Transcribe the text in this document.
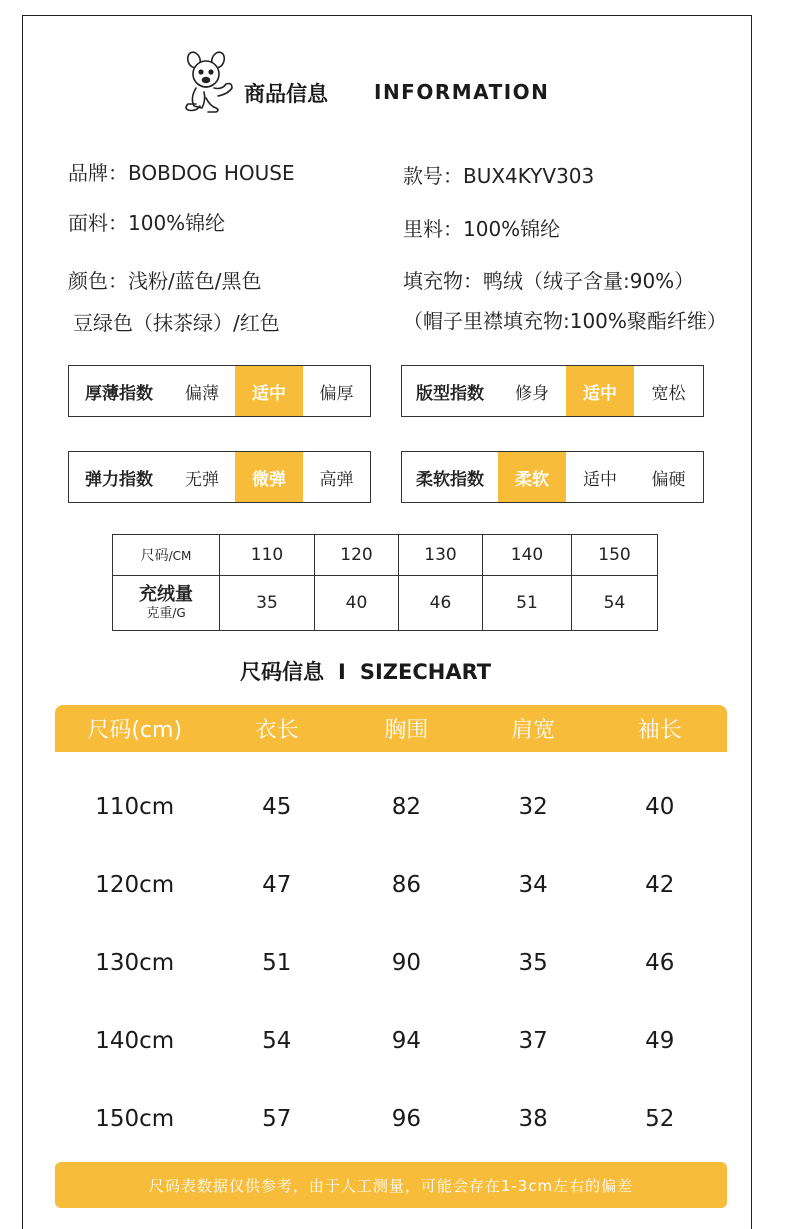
商品信息 INFORMATION
品牌：BOBDOG HOUSE	款号：BUX4KYV303
面料：100%锦纶	里料：100%锦纶
颜色：浅粉/蓝色/黑色
豆绿色（抹茶绿）/红色
填充物：鸭绒（绒子含量:90%）
（帽子里襟填充物:100%聚酯纤维）
厚薄指数	偏薄	适中	偏厚	版型指数	修身	适中	宽松
弹力指数	无弹	微弹	高弹	柔软指数	柔软	适中	偏硬
尺码/CM	110	120	130	140	150

充绒量
克重/G	35	40	46	51	54
尺码信息 I SIZECHART
尺码(cm)	衣长	胸围	肩宽	袖长
110cm	45	82	32	40
120cm	47	86	34	42
130cm	51	90	35	46
140cm	54	94	37	49
150cm	57	96	38	52
尺码表数据仅供参考，由于人工测量，可能会存在1-3cm左右的偏差
